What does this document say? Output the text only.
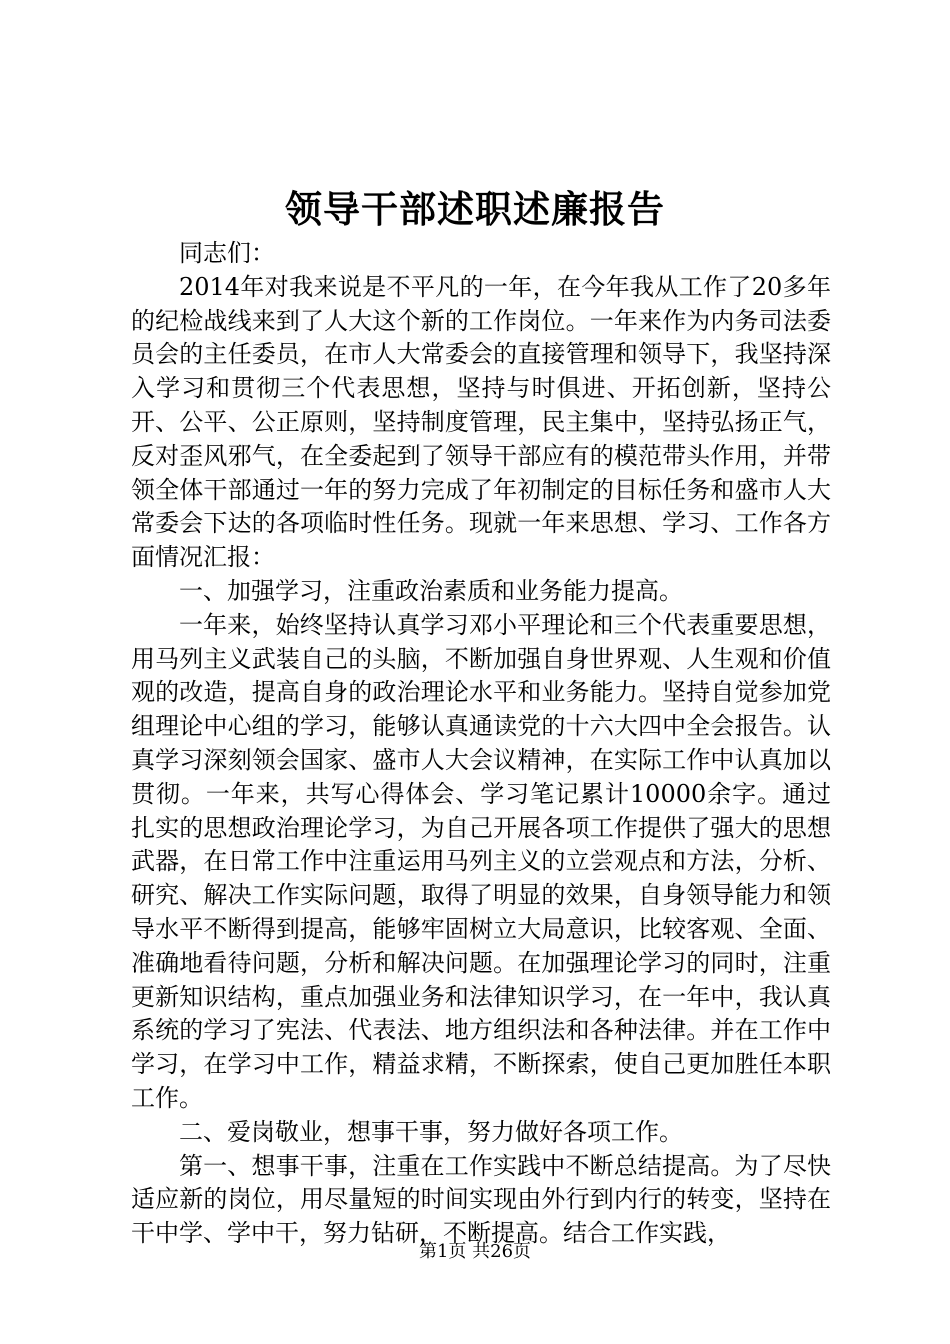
领导干部述职述廉报告

同志们：

2014年对我来说是不平凡的一年，在今年我从工作了20多年的纪检战线来到了人大这个新的工作岗位。一年来作为内务司法委员会的主任委员，在市人大常委会的直接管理和领导下，我坚持深入学习和贯彻三个代表思想，坚持与时俱进、开拓创新，坚持公开、公平、公正原则，坚持制度管理，民主集中，坚持弘扬正气，反对歪风邪气，在全委起到了领导干部应有的模范带头作用，并带领全体干部通过一年的努力完成了年初制定的目标任务和盛市人大常委会下达的各项临时性任务。现就一年来思想、学习、工作各方面情况汇报：

一、加强学习，注重政治素质和业务能力提高。

一年来，始终坚持认真学习邓小平理论和三个代表重要思想，用马列主义武装自己的头脑，不断加强自身世界观、人生观和价值观的改造，提高自身的政治理论水平和业务能力。坚持自觉参加党组理论中心组的学习，能够认真通读党的十六大四中全会报告。认真学习深刻领会国家、盛市人大会议精神，在实际工作中认真加以贯彻。一年来，共写心得体会、学习笔记累计10000余字。通过扎实的思想政治理论学习，为自己开展各项工作提供了强大的思想武器，在日常工作中注重运用马列主义的立尝观点和方法，分析、研究、解决工作实际问题，取得了明显的效果，自身领导能力和领导水平不断得到提高，能够牢固树立大局意识，比较客观、全面、准确地看待问题，分析和解决问题。在加强理论学习的同时，注重更新知识结构，重点加强业务和法律知识学习，在一年中，我认真系统的学习了宪法、代表法、地方组织法和各种法律。并在工作中学习，在学习中工作，精益求精，不断探索，使自己更加胜任本职工作。

二、爱岗敬业，想事干事，努力做好各项工作。

第一、想事干事，注重在工作实践中不断总结提高。为了尽快适应新的岗位，用尽量短的时间实现由外行到内行的转变，坚持在干中学、学中干，努力钻研，不断提高。结合工作实践，

第1页 共26页
